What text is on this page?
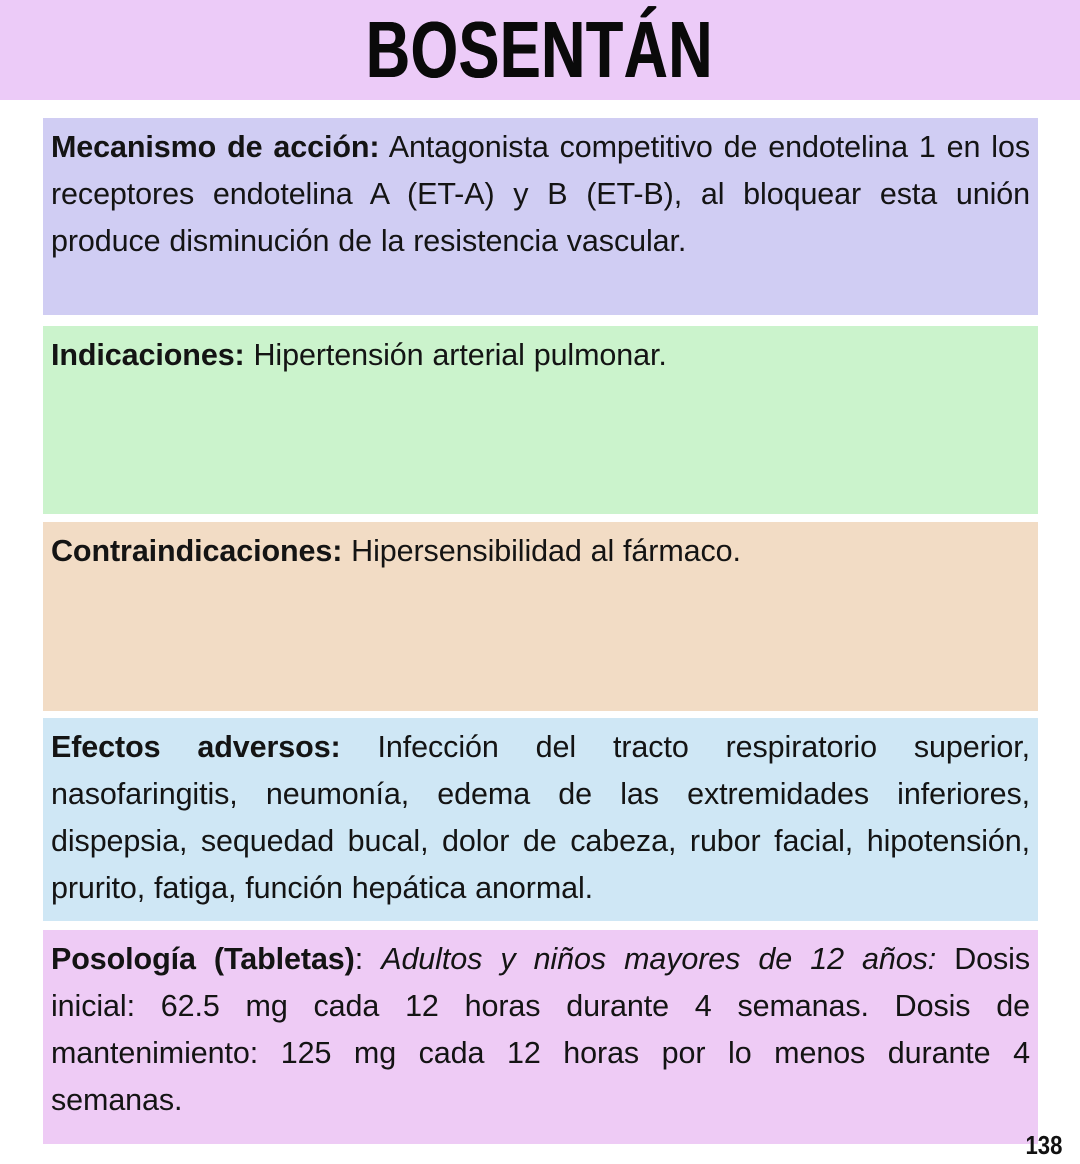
BOSENTÁN

Mecanismo de acción: Antagonista competitivo de endotelina 1 en los receptores endotelina A (ET-A) y B (ET-B), al bloquear esta unión produce disminución de la resistencia vascular.

Indicaciones: Hipertensión arterial pulmonar.

Contraindicaciones: Hipersensibilidad al fármaco.

Efectos adversos: Infección del tracto respiratorio superior, nasofaringitis, neumonía, edema de las extremidades inferiores, dispepsia, sequedad bucal, dolor de cabeza, rubor facial, hipotensión, prurito, fatiga, función hepática anormal.

Posología (Tabletas): Adultos y niños mayores de 12 años: Dosis inicial: 62.5 mg cada 12 horas durante 4 semanas. Dosis de mantenimiento: 125 mg cada 12 horas por lo menos durante 4 semanas.

138
